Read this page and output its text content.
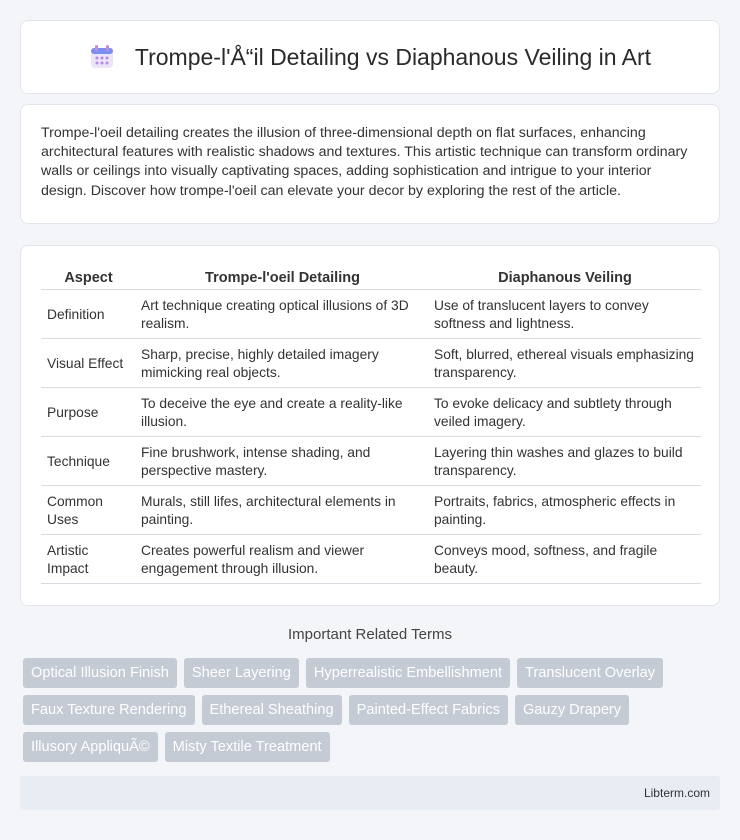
Trompe-l'Å“il Detailing vs Diaphanous Veiling in Art

Trompe-l'oeil detailing creates the illusion of three-dimensional depth on flat surfaces, enhancing architectural features with realistic shadows and textures. This artistic technique can transform ordinary walls or ceilings into visually captivating spaces, adding sophistication and intrigue to your interior design. Discover how trompe-l'oeil can elevate your decor by exploring the rest of the article.

Aspect	Trompe-l'oeil Detailing	Diaphanous Veiling
Definition	Art technique creating optical illusions of 3D realism.	Use of translucent layers to convey softness and lightness.
Visual Effect	Sharp, precise, highly detailed imagery mimicking real objects.	Soft, blurred, ethereal visuals emphasizing transparency.
Purpose	To deceive the eye and create a reality-like illusion.	To evoke delicacy and subtlety through veiled imagery.
Technique	Fine brushwork, intense shading, and perspective mastery.	Layering thin washes and glazes to build transparency.
Common Uses	Murals, still lifes, architectural elements in painting.	Portraits, fabrics, atmospheric effects in painting.
Artistic Impact	Creates powerful realism and viewer engagement through illusion.	Conveys mood, softness, and fragile beauty.
Important Related Terms
Optical Illusion Finish	Sheer Layering	Hyperrealistic Embellishment	Translucent Overlay
Faux Texture Rendering	Ethereal Sheathing	Painted-Effect Fabrics	Gauzy Drapery
Illusory AppliquÃ©	Misty Textile Treatment
Libterm.com
